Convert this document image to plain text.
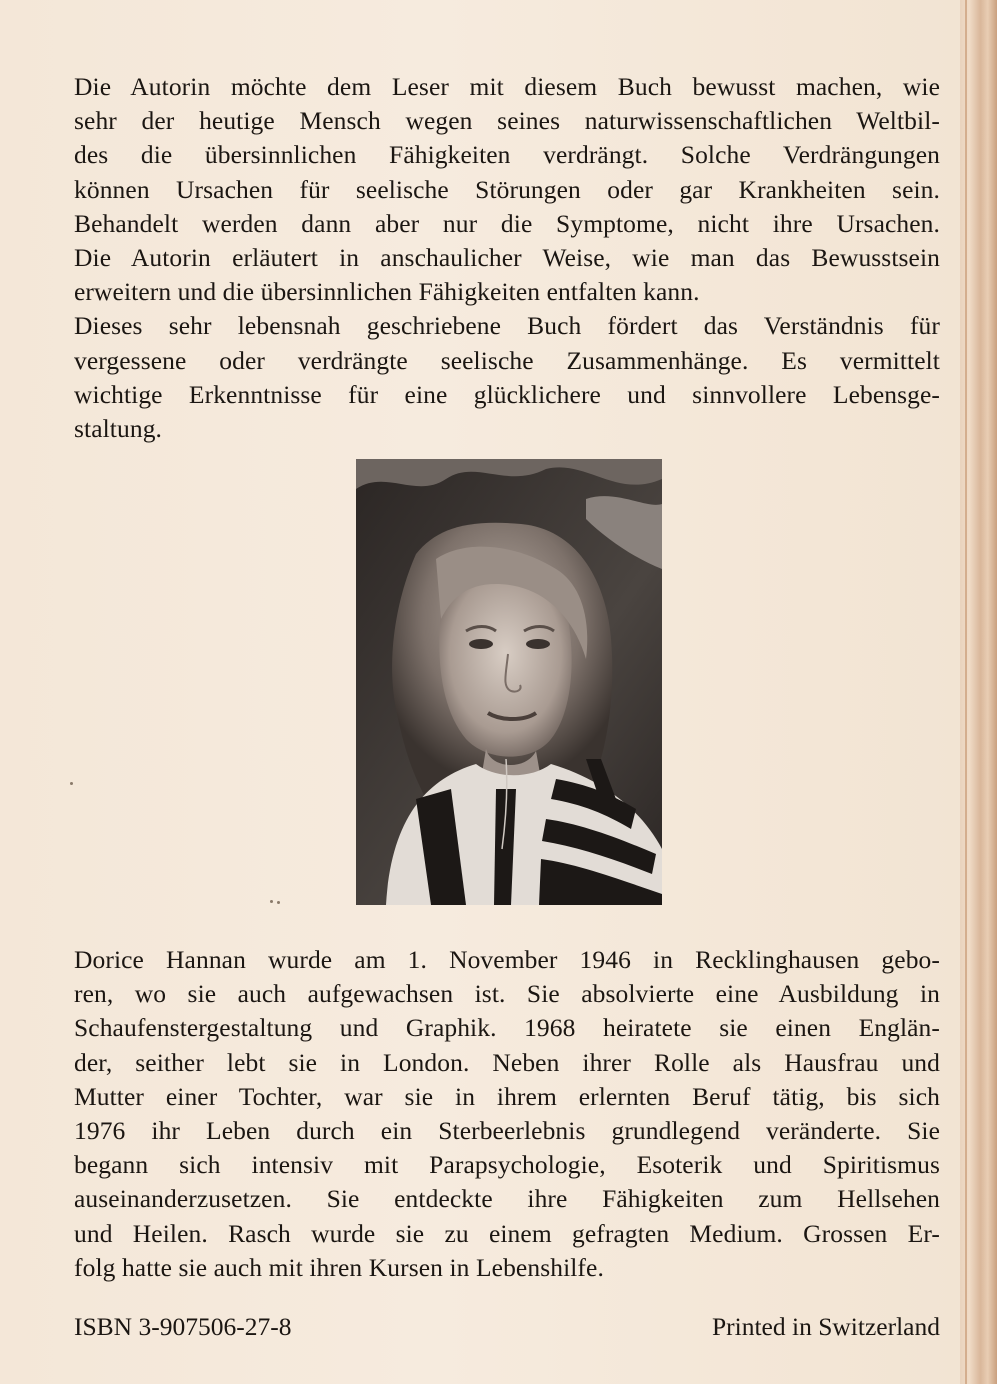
Die Autorin möchte dem Leser mit diesem Buch bewusst machen, wie
sehr der heutige Mensch wegen seines naturwissenschaftlichen Weltbil-
des die übersinnlichen Fähigkeiten verdrängt. Solche Verdrängungen
können Ursachen für seelische Störungen oder gar Krankheiten sein.
Behandelt werden dann aber nur die Symptome, nicht ihre Ursachen.
Die Autorin erläutert in anschaulicher Weise, wie man das Bewusstsein
erweitern und die übersinnlichen Fähigkeiten entfalten kann.
Dieses sehr lebensnah geschriebene Buch fördert das Verständnis für
vergessene oder verdrängte seelische Zusammenhänge. Es vermittelt
wichtige Erkenntnisse für eine glücklichere und sinnvollere Lebensge-
staltung.
Dorice Hannan wurde am 1. November 1946 in Recklinghausen gebo-
ren, wo sie auch aufgewachsen ist. Sie absolvierte eine Ausbildung in
Schaufenstergestaltung und Graphik. 1968 heiratete sie einen Englän-
der, seither lebt sie in London. Neben ihrer Rolle als Hausfrau und
Mutter einer Tochter, war sie in ihrem erlernten Beruf tätig, bis sich
1976 ihr Leben durch ein Sterbeerlebnis grundlegend veränderte. Sie
begann sich intensiv mit Parapsychologie, Esoterik und Spiritismus
auseinanderzusetzen. Sie entdeckte ihre Fähigkeiten zum Hellsehen
und Heilen. Rasch wurde sie zu einem gefragten Medium. Grossen Er-
folg hatte sie auch mit ihren Kursen in Lebenshilfe.
ISBN 3-907506-27-8	Printed in Switzerland
